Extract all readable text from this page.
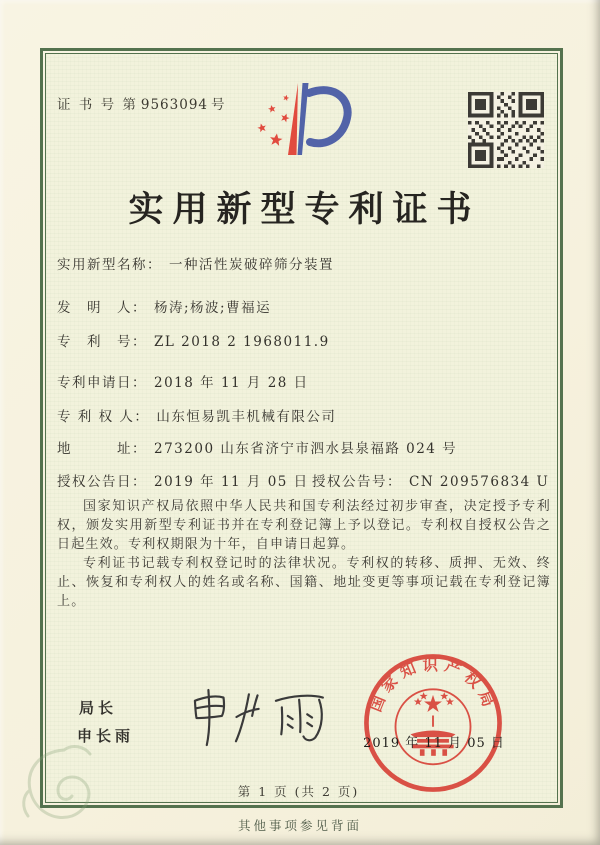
证 书 号 第 9563094 号
实用新型专利证书
实用新型名称： 一种活性炭破碎筛分装置
发　明　人： 杨涛;杨波;曹福运
专　利　号： ZL 2018 2 1968011.9
专利申请日： 2018 年 11 月 28 日
专 利 权 人： 山东恒易凯丰机械有限公司
地　　　址： 273200 山东省济宁市泗水县泉福路 024 号
授权公告日： 2019 年 11 月 05 日 授权公告号： CN 209576834 U

国家知识产权局依照中华人民共和国专利法经过初步审查，决定授予专利权，颁发实用新型专利证书并在专利登记簿上予以登记。专利权自授权公告之日起生效。专利权期限为十年，自申请日起算。

专利证书记载专利权登记时的法律状况。专利权的转移、质押、无效、终止、恢复和专利权人的姓名或名称、国籍、地址变更等事项记载在专利登记簿上。

局长
申长雨
国家知识产权局
2019 年 11 月 05 日
第 1 页 (共 2 页)
其他事项参见背面
